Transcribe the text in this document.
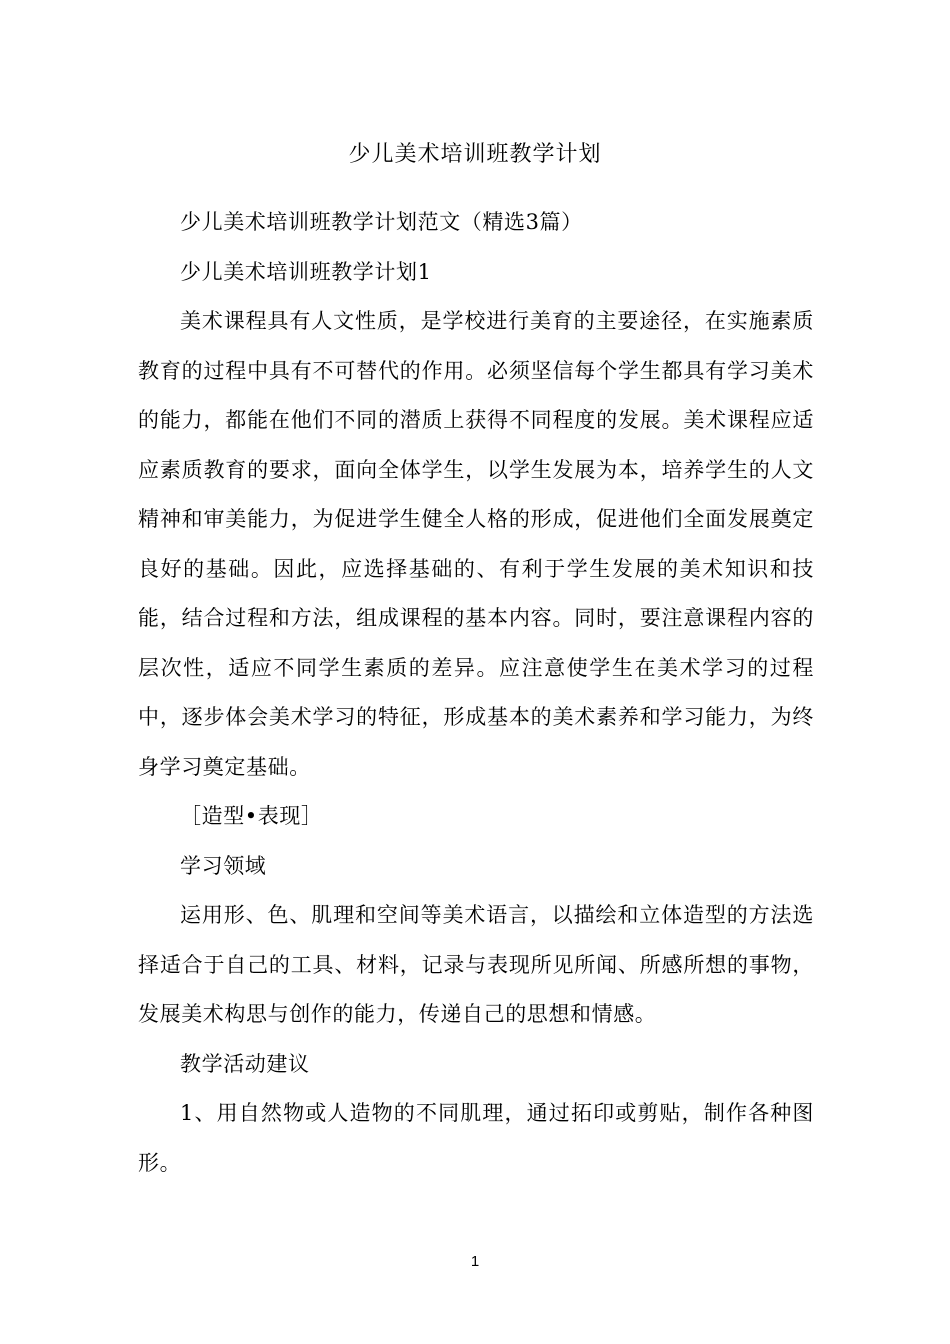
少儿美术培训班教学计划

少儿美术培训班教学计划范文（精选3篇）

少儿美术培训班教学计划1

美术课程具有人文性质，是学校进行美育的主要途径，在实施素质教育的过程中具有不可替代的作用。必须坚信每个学生都具有学习美术的能力，都能在他们不同的潜质上获得不同程度的发展。美术课程应适应素质教育的要求，面向全体学生，以学生发展为本，培养学生的人文精神和审美能力，为促进学生健全人格的形成，促进他们全面发展奠定良好的基础。因此，应选择基础的、有利于学生发展的美术知识和技能，结合过程和方法，组成课程的基本内容。同时，要注意课程内容的层次性，适应不同学生素质的差异。应注意使学生在美术学习的过程中，逐步体会美术学习的特征，形成基本的美术素养和学习能力，为终身学习奠定基础。

［造型•表现］

学习领域

运用形、色、肌理和空间等美术语言，以描绘和立体造型的方法选择适合于自己的工具、材料，记录与表现所见所闻、所感所想的事物，发展美术构思与创作的能力，传递自己的思想和情感。

教学活动建议

1、用自然物或人造物的不同肌理，通过拓印或剪贴，制作各种图形。

1
